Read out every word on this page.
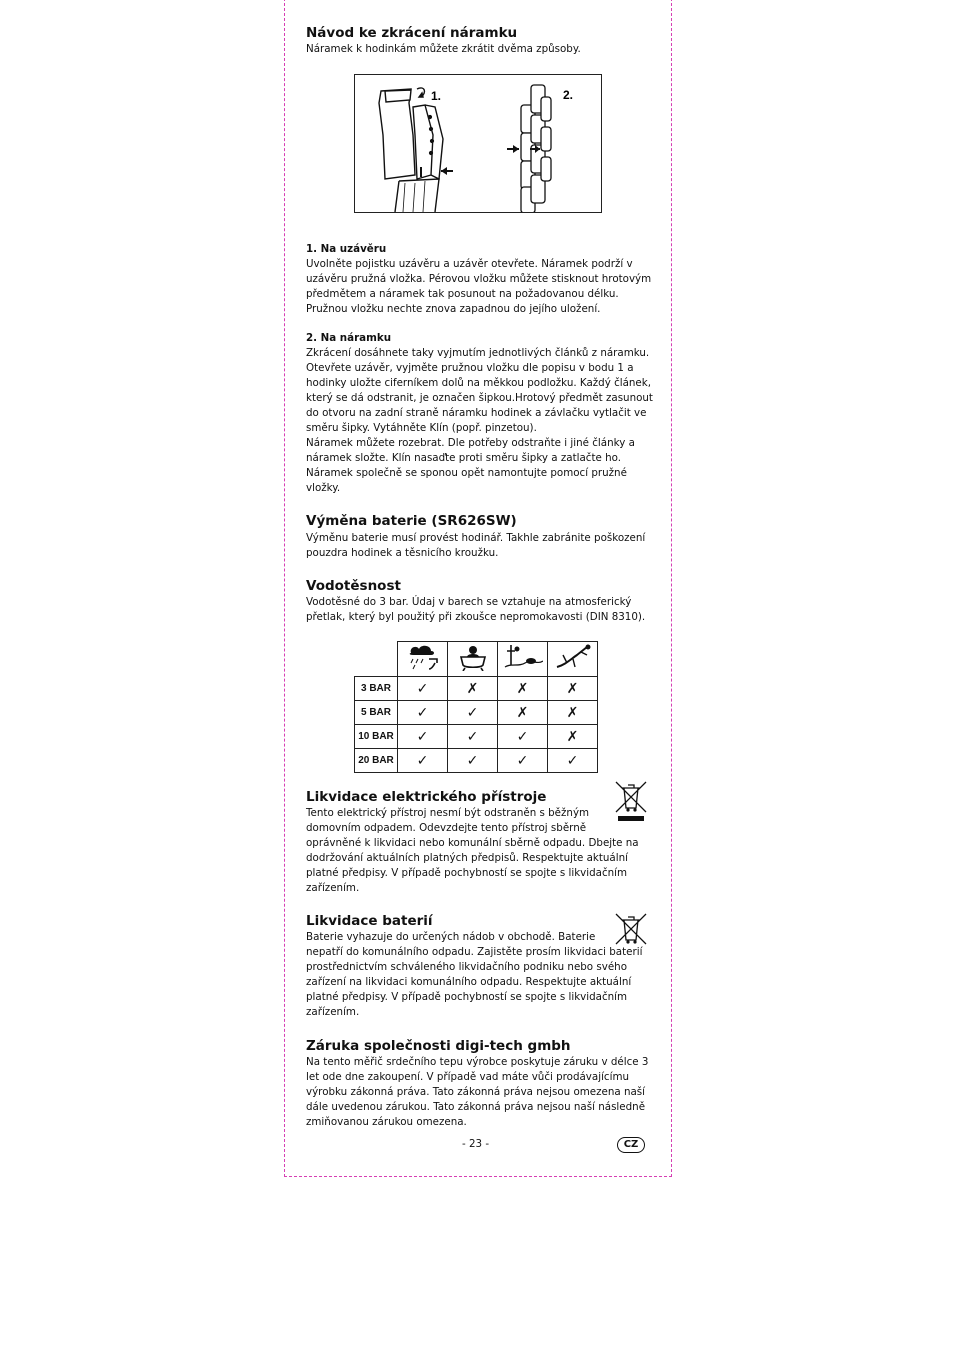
Návod ke zkrácení náramku

Náramek k hodinkám můžete zkrátit dvěma způsoby.

1.	2.
1. Na uzávěru

Uvolněte pojistku uzávěru a uzávěr otevřete. Náramek podrží v

uzávěru pružná vložka. Pérovou vložku můžete stisknout hrotovým

předmětem a náramek tak posunout na požadovanou délku.

Pružnou vložku nechte znova zapadnou do jejího uložení.

2. Na náramku

Zkrácení dosáhnete taky vyjmutím jednotlivých článků z náramku.

Otevřete uzávěr, vyjměte pružnou vložku dle popisu v bodu 1 a

hodinky uložte ciferníkem dolů na měkkou podložku. Každý článek,

který se dá odstranit, je označen šipkou.Hrotový předmět zasunout

do otvoru na zadní straně náramku hodinek a závlačku vytlačit ve

směru šipky. Vytáhněte Klín (popř. pinzetou).

Náramek můžete rozebrat. Dle potřeby odstraňte i jiné články a

náramek složte. Klín nasaďte proti směru šipky a zatlačte ho.

Náramek společně se sponou opět namontujte pomocí pružné

vložky.

Výměna baterie (SR626SW)

Výměnu baterie musí provést hodinář. Takhle zabránite poškození

pouzdra hodinek a těsnicího kroužku.

Vodotěsnost

Vodotěsné do 3 bar. Údaj v barech se vztahuje na atmosferický

přetlak, který byl použitý při zkoušce nepromokavosti (DIN 8310).

3 BAR	✓	✗	✗	✗
5 BAR	✓	✓	✗	✗
10 BAR	✓	✓	✓	✗
20 BAR	✓	✓	✓	✓
Likvidace elektrického přístroje

Tento elektrický přístroj nesmí být odstraněn s běžným

domovním odpadem. Odevzdejte tento přístroj sběrně

oprávněné k likvidaci nebo komunální sběrně odpadu. Dbejte na

dodržování aktuálních platných předpisů. Respektujte aktuální

platné předpisy. V případě pochybností se spojte s likvidačním

zařízením.

Likvidace baterií

Baterie vyhazuje do určených nádob v obchodě. Baterie

nepatří do komunálního odpadu. Zajistěte prosím likvidaci baterií

prostřednictvím schváleného likvidačního podniku nebo svého

zařízení na likvidaci komunálního odpadu. Respektujte aktuální

platné předpisy. V případě pochybností se spojte s likvidačním

zařízením.

Záruka společnosti digi-tech gmbh

Na tento měřič srdečního tepu výrobce poskytuje záruku v délce 3

let ode dne zakoupení. V případě vad máte vůči prodávajícímu

výrobku zákonná práva. Tato zákonná práva nejsou omezena naší

dále uvedenou zárukou. Tato zákonná práva nejsou naší následně

zmiňovanou zárukou omezena.

- 23 -	CZ
